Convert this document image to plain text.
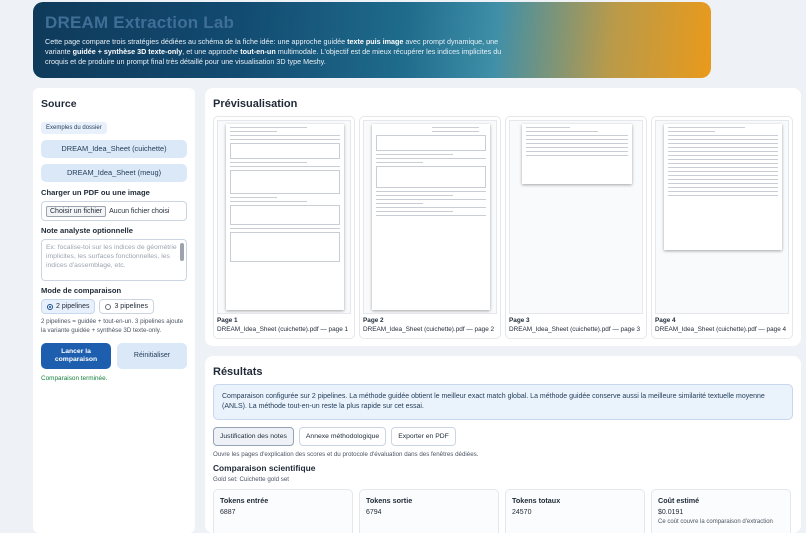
DREAM Extraction Lab

Cette page compare trois stratégies dédiées au schéma de la fiche idée: une approche guidée texte puis image avec prompt dynamique, une variante guidée + synthèse 3D texte-only, et une approche tout-en-un multimodale. L'objectif est de mieux récupérer les indices implicites du croquis et de produire un prompt final très détaillé pour une visualisation 3D type Meshy.

Source
Exemples du dossier
DREAM_Idea_Sheet (cuichette)
DREAM_Idea_Sheet (meug)
Charger un PDF ou une image
Choisir un fichier	Aucun fichier choisi
Note analyste optionnelle
Ex: focalise-toi sur les indices de géométrie implicites, les surfaces fonctionnelles, les indices d'assemblage, etc.
Mode de comparaison
2 pipelines	3 pipelines
2 pipelines = guidée + tout-en-un. 3 pipelines ajoute la variante guidée + synthèse 3D texte-only.
Lancer la comparaison
Réinitialiser
Comparaison terminée.
Prévisualisation
Page 1
DREAM_Idea_Sheet (cuichette).pdf — page 1
Page 2
DREAM_Idea_Sheet (cuichette).pdf — page 2
Page 3
DREAM_Idea_Sheet (cuichette).pdf — page 3
Page 4
DREAM_Idea_Sheet (cuichette).pdf — page 4
Résultats
Comparaison configurée sur 2 pipelines. La méthode guidée obtient le meilleur exact match global. La méthode guidée conserve aussi la meilleure similarité textuelle moyenne (ANLS). La méthode tout-en-un reste la plus rapide sur cet essai.
Justification des notes	Annexe méthodologique	Exporter en PDF
Ouvre les pages d'explication des scores et du protocole d'évaluation dans des fenêtres dédiées.
Comparaison scientifique
Gold set: Cuichette gold set
Tokens entrée
6887
Tokens sortie
6794
Tokens totaux
24570
Coût estimé
$0.0191
Ce coût couvre la comparaison d'extraction
